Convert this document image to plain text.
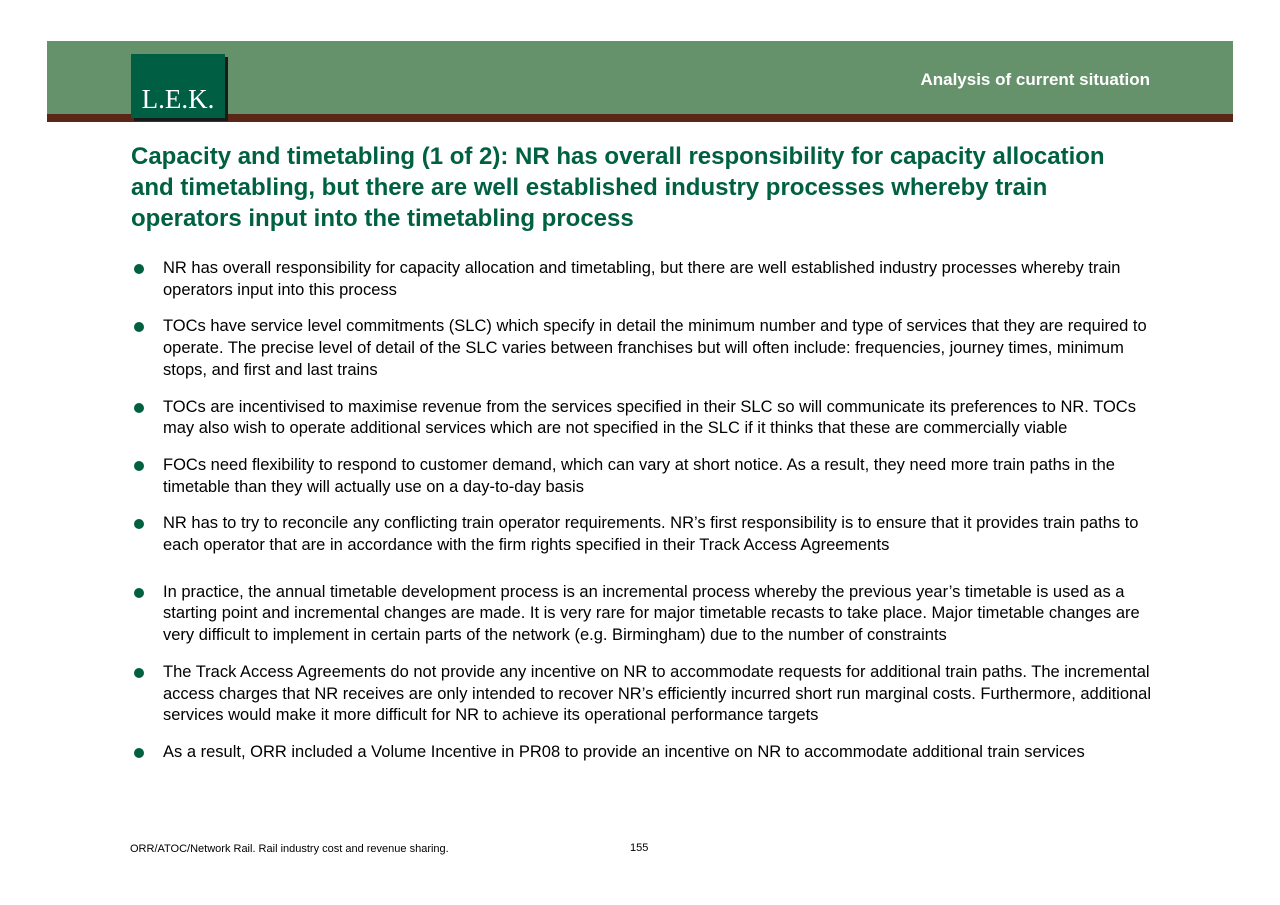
L.E.K.
Analysis of current situation
Capacity and timetabling (1 of 2): NR has overall responsibility for capacity allocation and timetabling, but there are well established industry processes whereby train operators input into the timetabling process
NR has overall responsibility for capacity allocation and timetabling, but there are well established industry processes whereby train operators input into this process
TOCs have service level commitments (SLC) which specify in detail the minimum number and type of services that they are required to operate. The precise level of detail of the SLC varies between franchises but will often include: frequencies, journey times, minimum stops, and first and last trains
TOCs are incentivised to maximise revenue from the services specified in their SLC so will communicate its preferences to NR. TOCs may also wish to operate additional services which are not specified in the SLC if it thinks that these are commercially viable
FOCs need flexibility to respond to customer demand, which can vary at short notice. As a result, they need more train paths in the timetable than they will actually use on a day-to-day basis
NR has to try to reconcile any conflicting train operator requirements. NR’s first responsibility is to ensure that it provides train paths to each operator that are in accordance with the firm rights specified in their Track Access Agreements
In practice, the annual timetable development process is an incremental process whereby the previous year’s timetable is used as a starting point and incremental changes are made. It is very rare for major timetable recasts to take place. Major timetable changes are very difficult to implement in certain parts of the network (e.g. Birmingham) due to the number of constraints
The Track Access Agreements do not provide any incentive on NR to accommodate requests for additional train paths. The incremental access charges that NR receives are only intended to recover NR’s efficiently incurred short run marginal costs. Furthermore, additional services would make it more difficult for NR to achieve its operational performance targets
As a result, ORR included a Volume Incentive in PR08 to provide an incentive on NR to accommodate additional train services
ORR/ATOC/Network Rail. Rail industry cost and revenue sharing.	155
